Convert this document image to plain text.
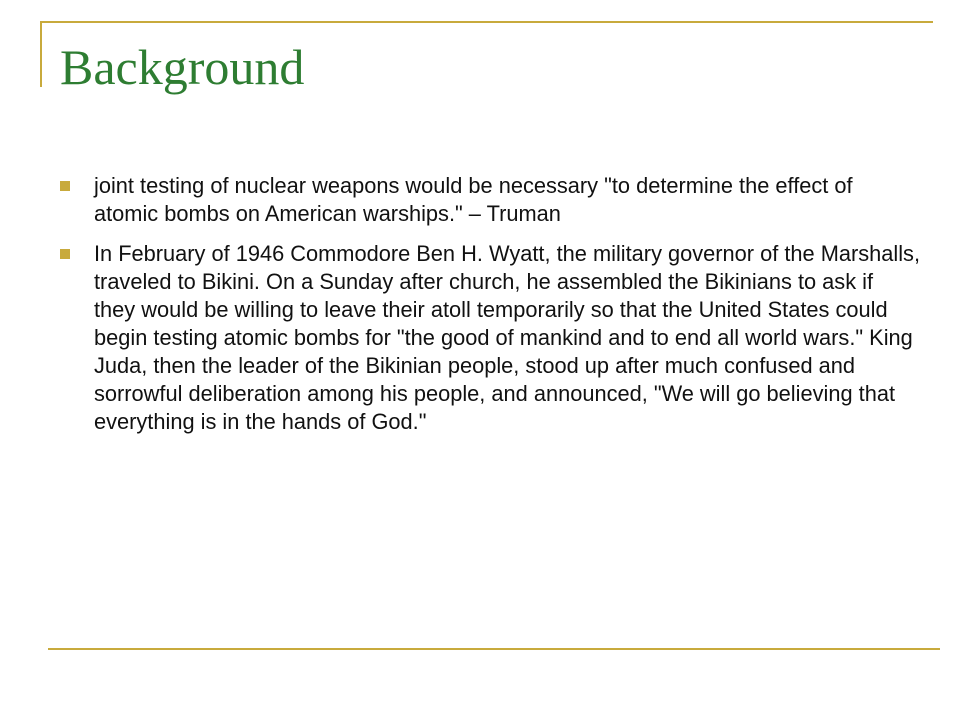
Background
joint testing of nuclear weapons would be necessary "to determine the effect of atomic bombs on American warships." – Truman
In February of 1946 Commodore Ben H. Wyatt, the military governor of the Marshalls, traveled to Bikini. On a Sunday after church, he assembled the Bikinians to ask if they would be willing to leave their atoll temporarily so that the United States could begin testing atomic bombs for "the good of mankind and to end all world wars." King Juda, then the leader of the Bikinian people, stood up after much confused and sorrowful deliberation among his people, and announced, "We will go believing that everything is in the hands of God."
